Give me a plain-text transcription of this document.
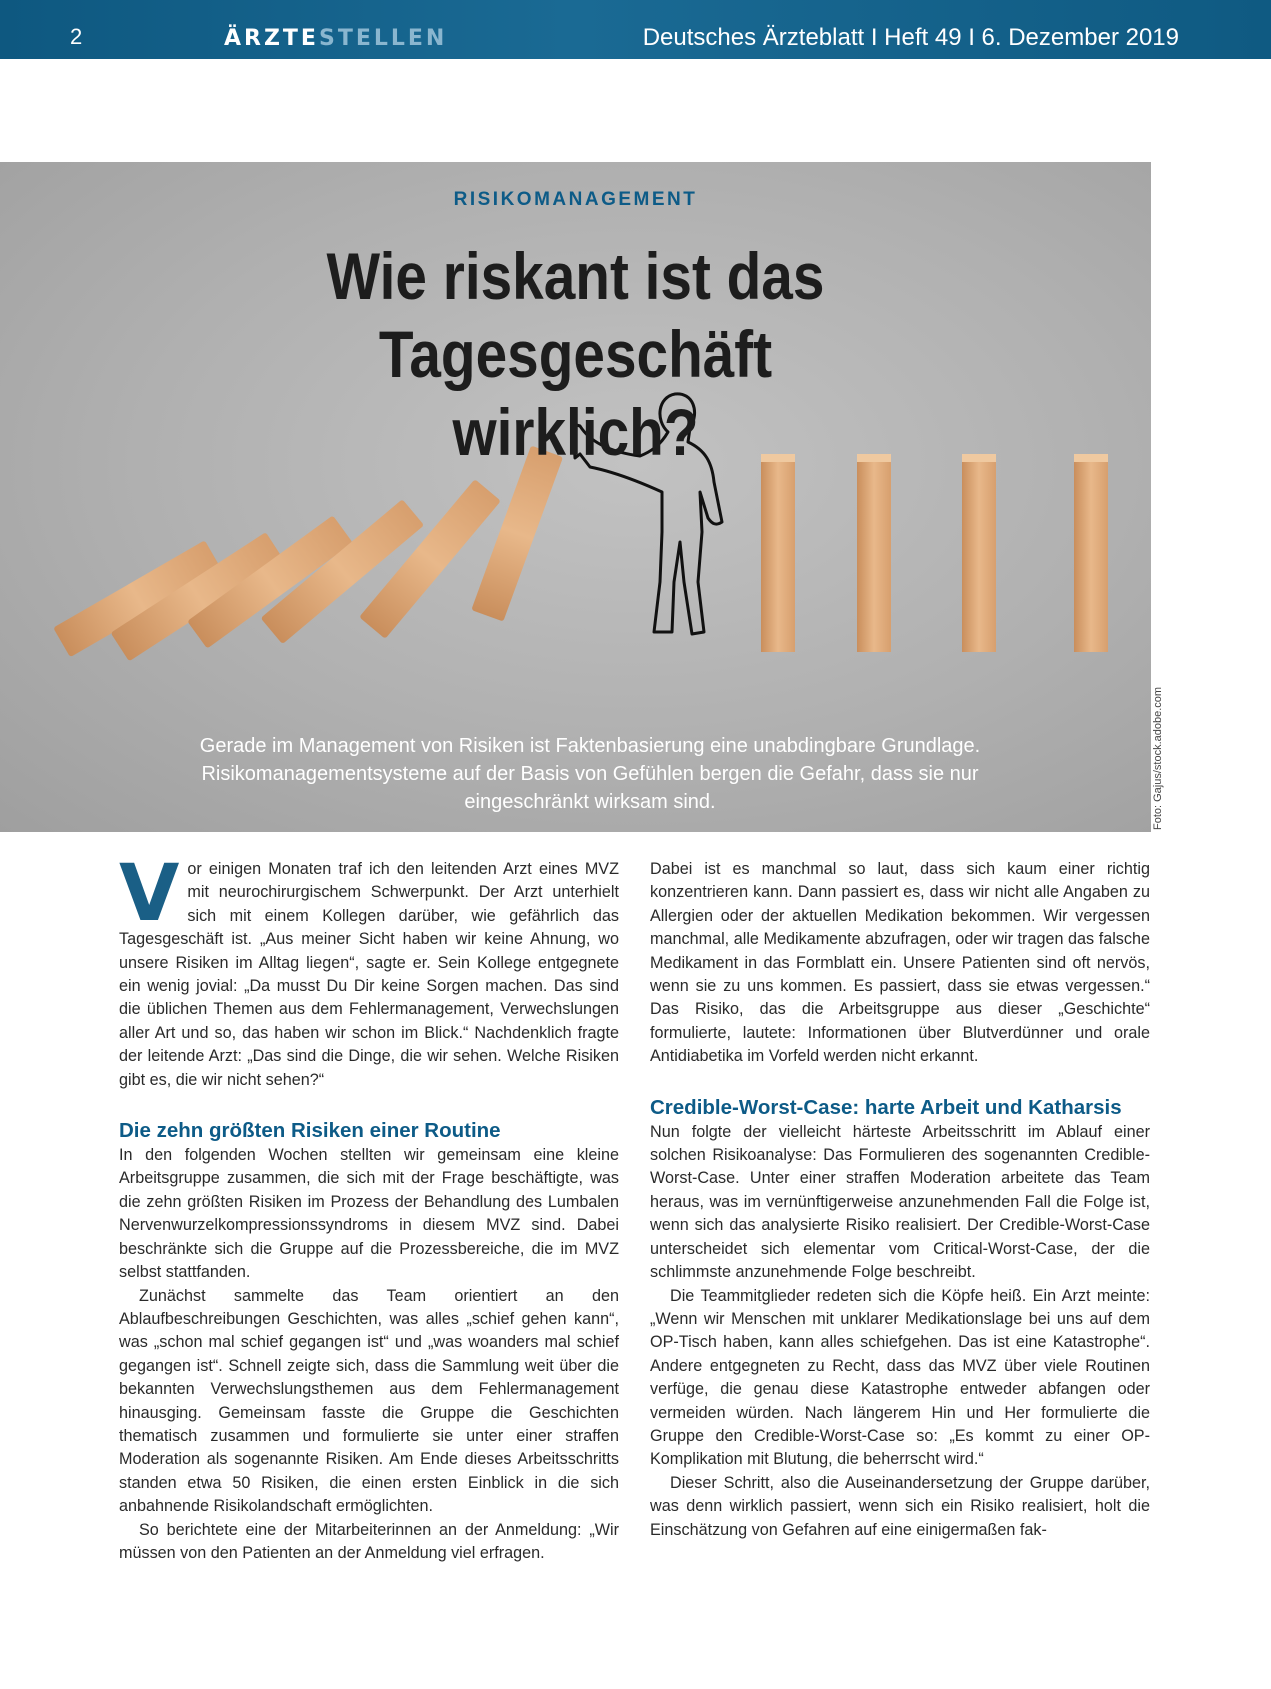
2	ÄRZTESTELLEN	Deutsches Ärzteblatt I Heft 49 I 6. Dezember 2019
RISIKOMANAGEMENT
Wie riskant ist das Tagesgeschäft
wirklich?
Gerade im Management von Risiken ist Faktenbasierung eine unabdingbare Grundlage. Risikomanagementsysteme auf der Basis von Gefühlen bergen die Gefahr, dass sie nur eingeschränkt wirksam sind.	Foto: Gajus/stock.adobe.com

Vor einigen Monaten traf ich den leitenden Arzt eines MVZ mit neurochirurgischem Schwerpunkt. Der Arzt unterhielt sich mit einem Kollegen darüber, wie gefährlich das Tagesgeschäft ist. „Aus meiner Sicht haben wir keine Ahnung, wo unsere Risiken im Alltag liegen“, sagte er. Sein Kollege entgegnete ein wenig jovial: „Da musst Du Dir keine Sorgen machen. Das sind die üblichen Themen aus dem Fehlermanagement, Verwechslungen aller Art und so, das haben wir schon im Blick.“ Nachdenklich fragte der leitende Arzt: „Das sind die Dinge, die wir sehen. Welche Risiken gibt es, die wir nicht sehen?“

Die zehn größten Risiken einer Routine

In den folgenden Wochen stellten wir gemeinsam eine kleine Arbeitsgruppe zusammen, die sich mit der Frage beschäftigte, was die zehn größten Risiken im Prozess der Behandlung des Lumbalen Nervenwurzelkompressionssyndroms in diesem MVZ sind. Dabei beschränkte sich die Gruppe auf die Prozessbereiche, die im MVZ selbst stattfanden.

Zunächst sammelte das Team orientiert an den Ablaufbeschreibungen Geschichten, was alles „schief gehen kann“, was „schon mal schief gegangen ist“ und „was woanders mal schief gegangen ist“. Schnell zeigte sich, dass die Sammlung weit über die bekannten Verwechslungsthemen aus dem Fehlermanagement hinausging. Gemeinsam fasste die Gruppe die Geschichten thematisch zusammen und formulierte sie unter einer straffen Moderation als sogenannte Risiken. Am Ende dieses Arbeitsschritts standen etwa 50 Risiken, die einen ersten Einblick in die sich anbahnende Risikolandschaft ermöglichten.

So berichtete eine der Mitarbeiterinnen an der Anmeldung: „Wir müssen von den Patienten an der Anmeldung viel erfragen.

Dabei ist es manchmal so laut, dass sich kaum einer richtig konzentrieren kann. Dann passiert es, dass wir nicht alle Angaben zu Allergien oder der aktuellen Medikation bekommen. Wir vergessen manchmal, alle Medikamente abzufragen, oder wir tragen das falsche Medikament in das Formblatt ein. Unsere Patienten sind oft nervös, wenn sie zu uns kommen. Es passiert, dass sie etwas vergessen.“ Das Risiko, das die Arbeitsgruppe aus dieser „Geschichte“ formulierte, lautete: Informationen über Blutverdünner und orale Antidiabetika im Vorfeld werden nicht erkannt.

Credible-Worst-Case: harte Arbeit und Katharsis

Nun folgte der vielleicht härteste Arbeitsschritt im Ablauf einer solchen Risikoanalyse: Das Formulieren des sogenannten Credible-Worst-Case. Unter einer straffen Moderation arbeitete das Team heraus, was im vernünftigerweise anzunehmenden Fall die Folge ist, wenn sich das analysierte Risiko realisiert. Der Credible-Worst-Case unterscheidet sich elementar vom Critical-Worst-Case, der die schlimmste anzunehmende Folge beschreibt.

Die Teammitglieder redeten sich die Köpfe heiß. Ein Arzt meinte: „Wenn wir Menschen mit unklarer Medikationslage bei uns auf dem OP-Tisch haben, kann alles schiefgehen. Das ist eine Katastrophe“. Andere entgegneten zu Recht, dass das MVZ über viele Routinen verfüge, die genau diese Katastrophe entweder abfangen oder vermeiden würden. Nach längerem Hin und Her formulierte die Gruppe den Credible-Worst-Case so: „Es kommt zu einer OP-Komplikation mit Blutung, die beherrscht wird.“

Dieser Schritt, also die Auseinandersetzung der Gruppe darüber, was denn wirklich passiert, wenn sich ein Risiko realisiert, holt die Einschätzung von Gefahren auf eine einigermaßen fak-
